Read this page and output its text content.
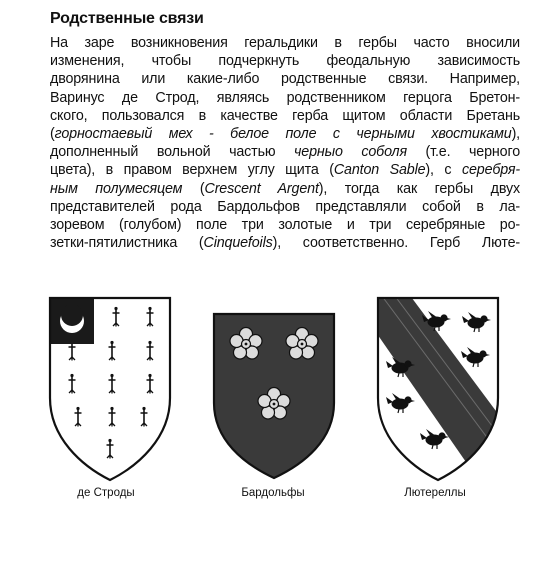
Родственные связи

На заре возникновения геральдики в гербы часто вносили
изменения, чтобы подчеркнуть феодальную зависимость
дворянина или какие-либо родственные связи. Например,
Варинус де Строд, являясь родственником герцога Бретон-
ского, пользовался в качестве герба щитом области Бретань
(горностаевый мех - белое поле с черными хвостиками),
дополненный вольной частью черныо соболя (т.е. черного
цвета), в правом верхнем углу щита (Canton Sable), с серебря-
ным полумесяцем (Crescent Argent), тогда как гербы двух
представителей рода Бардольфов представляли собой в ла-
зоревом (голубом) поле три золотые и три серебряные ро-
зетки-пятилистника (Cinquefoils), соответственно. Герб Люте-

де Строды	Бардольфы	Лютереллы
